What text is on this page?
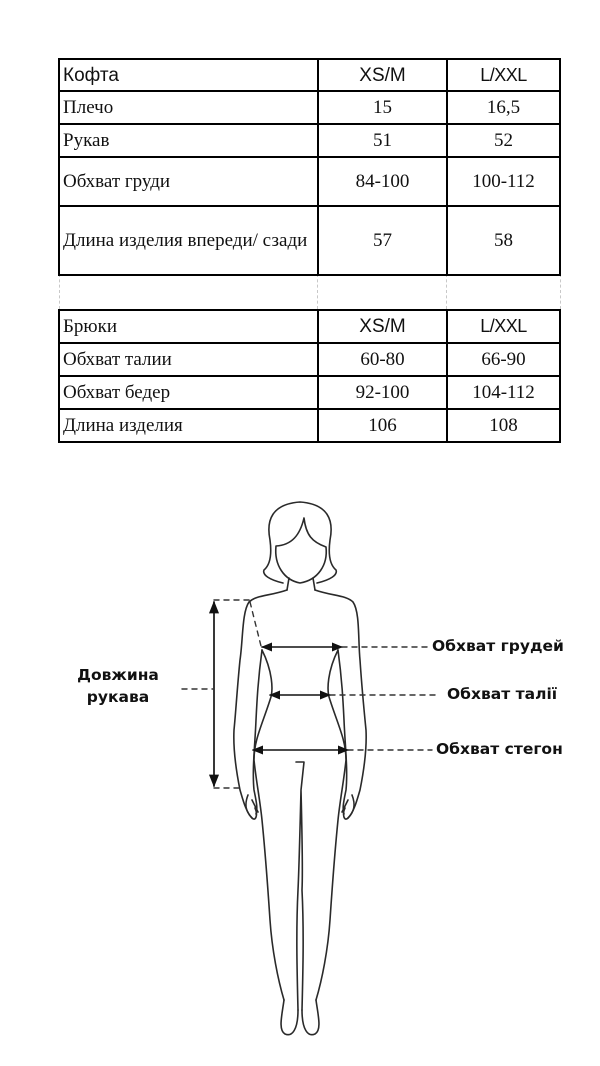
Кофта	XS/M	L/XXL
Плечо	15	16,5
Рукав	51	52
Обхват груди	84-100	100-112
Длина изделия впереди/ сзади	57	58
Брюки	XS/M	L/XXL
Обхват талии	60-80	66-90
Обхват бедер	92-100	104-112
Длина изделия	106	108
Довжина
рукава
Обхват грудей
Обхват талії
Обхват стегон
